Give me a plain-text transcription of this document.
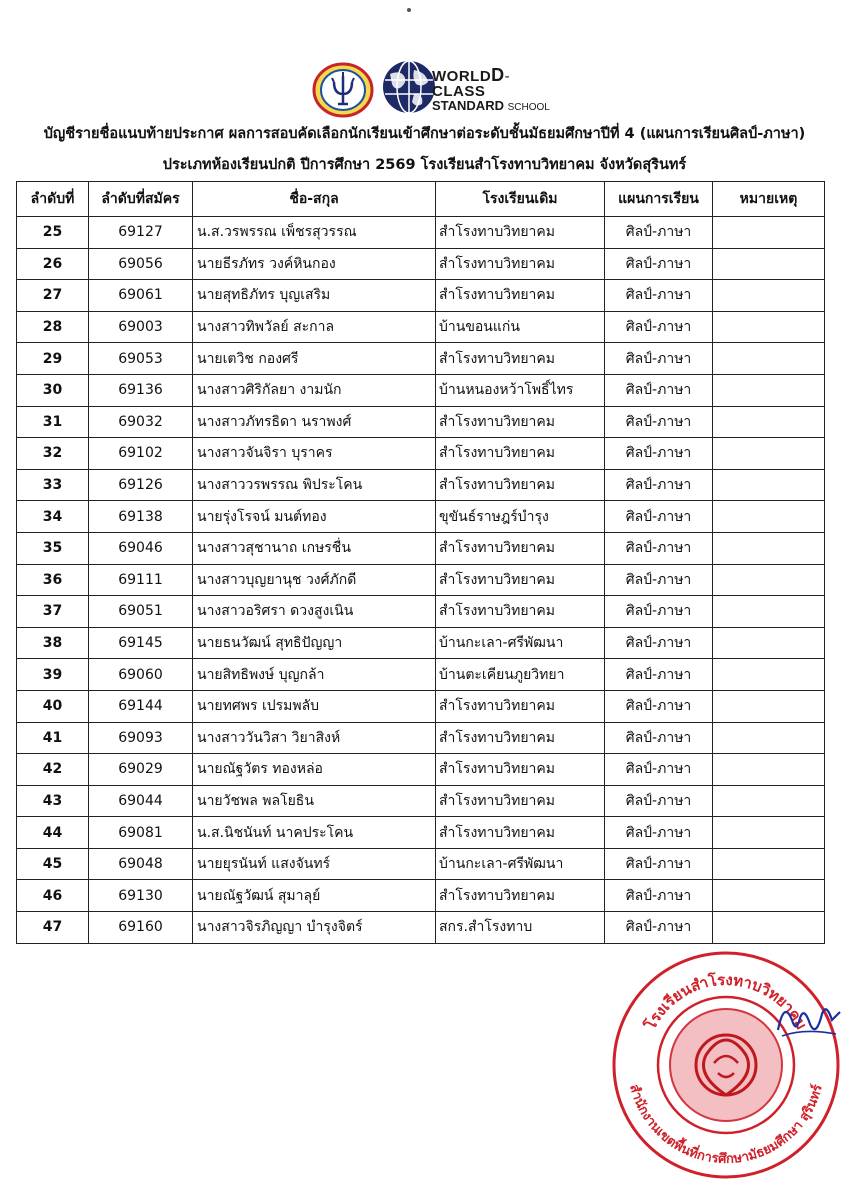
WORLDD-CLASS
STANDARD SCHOOL
บัญชีรายชื่อแนบท้ายประกาศ ผลการสอบคัดเลือกนักเรียนเข้าศึกษาต่อระดับชั้นมัธยมศึกษาปีที่ 4 (แผนการเรียนศิลป์-ภาษา)
ประเภทห้องเรียนปกติ ปีการศึกษา 2569 โรงเรียนสำโรงทาบวิทยาคม จังหวัดสุรินทร์
ลำดับที่	ลำดับที่สมัคร	ชื่อ-สกุล	โรงเรียนเดิม	แผนการเรียน	หมายเหตุ
25	69127	น.ส.วรพรรณ เพ็ชรสุวรรณ	สำโรงทาบวิทยาคม	ศิลป์-ภาษา	
26	69056	นายธีรภัทร วงค์หินกอง	สำโรงทาบวิทยาคม	ศิลป์-ภาษา	
27	69061	นายสุทธิภัทร บุญเสริม	สำโรงทาบวิทยาคม	ศิลป์-ภาษา	
28	69003	นางสาวทิพวัลย์ สะกาล	บ้านขอนแก่น	ศิลป์-ภาษา	
29	69053	นายเตวิช กองศรี	สำโรงทาบวิทยาคม	ศิลป์-ภาษา	
30	69136	นางสาวศิริกัลยา งามนัก	บ้านหนองหว้าโพธิ์ไทร	ศิลป์-ภาษา	
31	69032	นางสาวภัทรธิดา นราพงศ์	สำโรงทาบวิทยาคม	ศิลป์-ภาษา	
32	69102	นางสาวจันจิรา บุราคร	สำโรงทาบวิทยาคม	ศิลป์-ภาษา	
33	69126	นางสาววรพรรณ พิประโคน	สำโรงทาบวิทยาคม	ศิลป์-ภาษา	
34	69138	นายรุ่งโรจน์ มนต์ทอง	ขุขันธ์ราษฎร์บำรุง	ศิลป์-ภาษา	
35	69046	นางสาวสุชานาถ เกษรชื่น	สำโรงทาบวิทยาคม	ศิลป์-ภาษา	
36	69111	นางสาวบุญยานุช วงศ์ภักดี	สำโรงทาบวิทยาคม	ศิลป์-ภาษา	
37	69051	นางสาวอริศรา ดวงสูงเนิน	สำโรงทาบวิทยาคม	ศิลป์-ภาษา	
38	69145	นายธนวัฒน์ สุทธิปัญญา	บ้านกะเลา-ศรีพัฒนา	ศิลป์-ภาษา	
39	69060	นายสิทธิพงษ์ บุญกล้า	บ้านตะเคียนภูยวิทยา	ศิลป์-ภาษา	
40	69144	นายทศพร เปรมพลับ	สำโรงทาบวิทยาคม	ศิลป์-ภาษา	
41	69093	นางสาววันวิสา วิยาสิงห์	สำโรงทาบวิทยาคม	ศิลป์-ภาษา	
42	69029	นายณัฐวัตร ทองหล่อ	สำโรงทาบวิทยาคม	ศิลป์-ภาษา	
43	69044	นายวัชพล พลโยธิน	สำโรงทาบวิทยาคม	ศิลป์-ภาษา	
44	69081	น.ส.นิชนันท์ นาคประโคน	สำโรงทาบวิทยาคม	ศิลป์-ภาษา	
45	69048	นายยุรนันท์ แสงจันทร์	บ้านกะเลา-ศรีพัฒนา	ศิลป์-ภาษา	
46	69130	นายณัฐวัฒน์ สุมาลุย์	สำโรงทาบวิทยาคม	ศิลป์-ภาษา	
47	69160	นางสาวจิรภิญญา บำรุงจิตร์	สกร.สำโรงทาบ	ศิลป์-ภาษา	
โรงเรียนสำโรงทาบวิทยาคม
สำนักงานเขตพื้นที่การศึกษามัธยมศึกษา สุรินทร์
